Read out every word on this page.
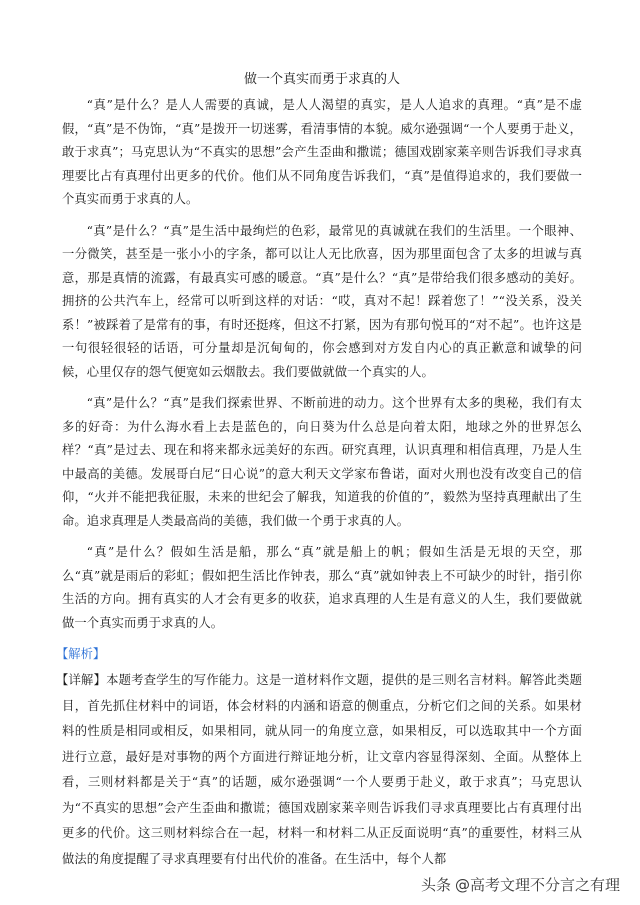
做一个真实而勇于求真的人

“真”是什么？是人人需要的真诚，是人人渴望的真实，是人人追求的真理。“真”是不虚假，“真”是不伪饰，“真”是拨开一切迷雾，看清事情的本貌。威尔逊强调“一个人要勇于赴义，敢于求真”；马克思认为“不真实的思想”会产生歪曲和撒谎；德国戏剧家莱辛则告诉我们寻求真理要比占有真理付出更多的代价。他们从不同角度告诉我们，“真”是值得追求的，我们要做一个真实而勇于求真的人。

“真”是什么？“真”是生活中最绚烂的色彩，最常见的真诚就在我们的生活里。一个眼神、一分微笑，甚至是一张小小的字条，都可以让人无比欣喜，因为那里面包含了太多的坦诚与真意，那是真情的流露，有最真实可感的暖意。“真”是什么？“真”是带给我们很多感动的美好。拥挤的公共汽车上，经常可以听到这样的对话：“哎，真对不起！踩着您了！”“没关系，没关系！”被踩着了是常有的事，有时还挺疼，但这不打紧，因为有那句悦耳的“对不起”。也许这是一句很轻很轻的话语，可分量却是沉甸甸的，你会感到对方发自内心的真正歉意和诚挚的问候，心里仅存的怨气便宽如云烟散去。我们要做就做一个真实的人。

“真”是什么？“真”是我们探索世界、不断前进的动力。这个世界有太多的奥秘，我们有太多的好奇：为什么海水看上去是蓝色的，向日葵为什么总是向着太阳，地球之外的世界怎么样？“真”是过去、现在和将来都永远美好的东西。研究真理，认识真理和相信真理，乃是人生中最高的美德。发展哥白尼“日心说”的意大利天文学家布鲁诺，面对火刑也没有改变自己的信仰，“火并不能把我征服，未来的世纪会了解我，知道我的价值的”，毅然为坚持真理献出了生命。追求真理是人类最高尚的美德，我们做一个勇于求真的人。

“真”是什么？假如生活是船，那么“真”就是船上的帆；假如生活是无垠的天空，那么“真”就是雨后的彩虹；假如把生活比作钟表，那么“真”就如钟表上不可缺少的时针，指引你生活的方向。拥有真实的人才会有更多的收获，追求真理的人生是有意义的人生，我们要做就做一个真实而勇于求真的人。

【解析】

【详解】本题考查学生的写作能力。这是一道材料作文题，提供的是三则名言材料。解答此类题目，首先抓住材料中的词语，体会材料的内涵和语意的侧重点，分析它们之间的关系。如果材料的性质是相同或相反，如果相同，就从同一的角度立意，如果相反，可以选取其中一个方面进行立意，最好是对事物的两个方面进行辩证地分析，让文章内容显得深刻、全面。从整体上看，三则材料都是关于“真”的话题，威尔逊强调“一个人要勇于赴义，敢于求真”；马克思认为“不真实的思想”会产生歪曲和撒谎；德国戏剧家莱辛则告诉我们寻求真理要比占有真理付出更多的代价。这三则材料综合在一起，材料一和材料二从正反面说明“真”的重要性，材料三从做法的角度提醒了寻求真理要有付出代价的准备。在生活中，每个人都

头条 @高考文理不分言之有理
